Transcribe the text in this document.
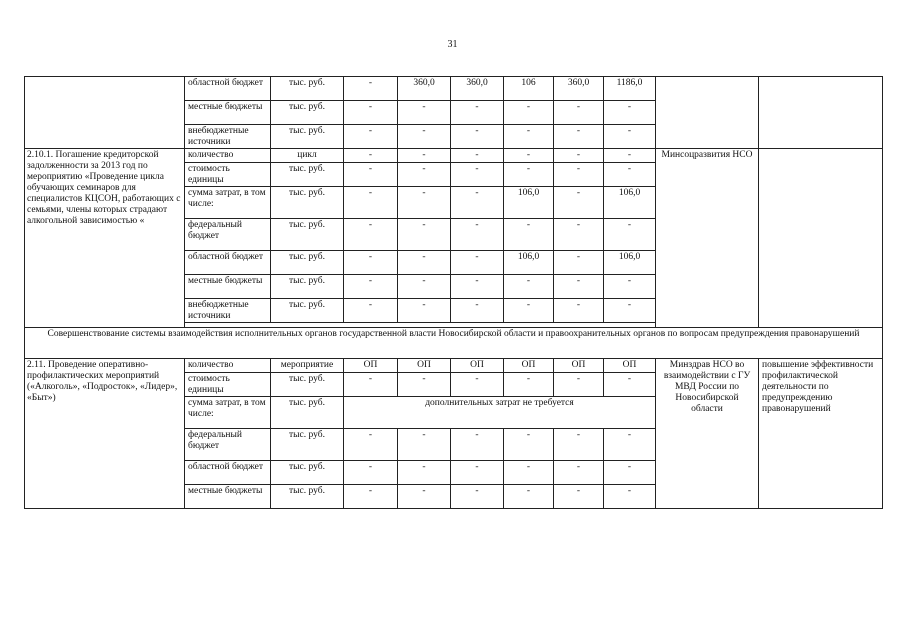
31
	областной бюджет	тыс. руб.	-	360,0	360,0	106	360,0	1186,0		
	местные бюджеты	тыс. руб.	-	-	-	-	-	-		
	внебюджетные источники	тыс. руб.	-	-	-	-	-	-		
2.10.1. Погашение кредиторской задолженности за 2013 год по мероприятию «Проведение цикла обучающих семинаров для специалистов КЦСОН, работающих с семьями, члены которых страдают алкогольной зависимостью «	количество	цикл	-	-	-	-	-	-	Минсоцразвития НСО	
	стоимость единицы	тыс. руб.	-	-	-	-	-	-		
	сумма затрат, в том числе:	тыс. руб.	-	-	-	106,0	-	106,0		
	федеральный бюджет	тыс. руб.	-	-	-	-	-	-		
	областной бюджет	тыс. руб.	-	-	-	106,0	-	106,0		
	местные бюджеты	тыс. руб.	-	-	-	-	-	-		
	внебюджетные источники	тыс. руб.	-	-	-	-	-	-		

Совершенствование системы взаимодействия исполнительных органов государственной власти Новосибирской области и правоохранительных органов по вопросам предупреждения правонарушений										
2.11. Проведение оперативно-профилактических мероприятий («Алкоголь», «Подросток», «Лидер», «Быт»)	количество	мероприятие	ОП	ОП	ОП	ОП	ОП	ОП	Минздрав НСО во взаимодействии с ГУ МВД России по Новосибирской области	повышение эффективности профилактической деятельности по предупреждению правонарушений
	стоимость единицы	тыс. руб.	-	-	-	-	-	-		
	сумма затрат, в том числе:	тыс. руб.	дополнительных затрат не требуется							
	федеральный бюджет	тыс. руб.	-	-	-	-	-	-		
	областной бюджет	тыс. руб.	-	-	-	-	-	-		
	местные бюджеты	тыс. руб.	-	-	-	-	-	-		
